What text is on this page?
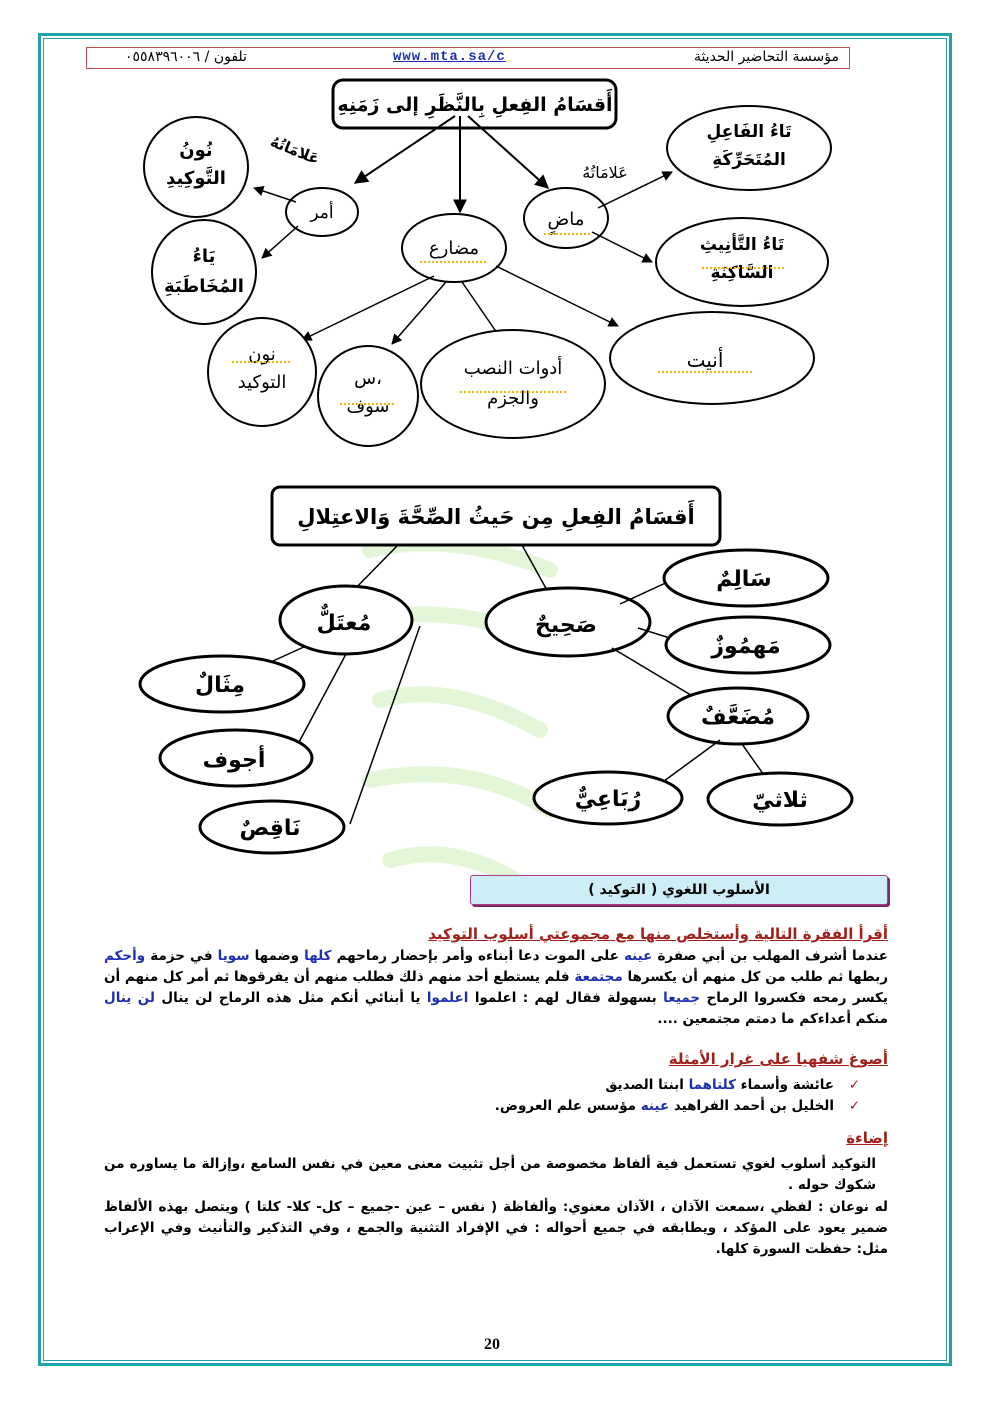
مؤسسة التحاضير الحديثة
www.mta.sa/c
تلفون / ٠٥٥٨٣٩٦٠٠٦
أَقسَامُ الفِعلِ بِالنَّظَرِ إلى زَمَنِهِ
ماضٍ
عَلامَاتُهُ
تَاءُ الفَاعِلِ المُتَحَرِّكَةِ
تَاءُ التَّأنِيثِ السَّاكِنَةِ
أمر
عَلامَاتُهُ
نُونُ التَّوكِيدِ
يَاءُ المُخَاطَبَةِ
مضارع
أنيت
أدوات النصب والجزم
س، سوف
نون التوكيد
أَقسَامُ الفِعلِ مِن حَيثُ الصِّحَّةَ وَالاعتِلالِ
صَحِيحٌ
مُعتَلٌّ
سَالِمٌ
مَهمُوزٌ
مُضَعَّفٌ
ثلاثيّ
رُبَاعِيٌّ
مِثَالٌ
أجوف
نَاقِصٌ
الأسلوب اللغوي ( التوكيد )
أقرأ الفقرة التالية وأستخلص منها مع مجموعتي أسلوب التوكيد
عندما أشرف المهلب بن أبي صفرة عينه على الموت دعا أبناءه وأمر بإحضار رماحهم كلها وضمها سويا في حزمة وأحكم ربطها ثم طلب من كل منهم أن يكسرها مجتمعة فلم يستطع أحد منهم ذلك فطلب منهم أن يفرقوها ثم أمر كل منهم أن يكسر رمحه فكسروا الرماح جميعا بسهولة فقال لهم : اعلموا اعلموا يا أبنائي أنكم مثل هذه الرماح لن ينال لن ينال منكم أعداءكم ما دمتم مجتمعين ....
أصوغ شفهيا على غرار الأمثلة
✓
عائشة وأسماء كلتاهما ابنتا الصديق
✓
الخليل بن أحمد الفراهيد عينه مؤسس علم العروض.
إضاءة
التوكيد أسلوب لغوي تستعمل فية ألفاظ مخصوصة من أجل تثبيت معنى معين في نفس السامع ،وإزالة ما يساوره من شكوك حوله .
له نوعان : لفظي ،سمعت الآذان ، الآذان معنوي: وألفاظة ( نفس – عين -جميع – كل- كلا- كلتا ) ويتصل بهذه الألفاظ ضمير يعود على المؤكد ، ويطابقه في جميع أحواله : في الإفراد التثنية والجمع ، وفي التذكير والتأنيث وفي الإعراب مثل: حفظت السورة كلها.
20
